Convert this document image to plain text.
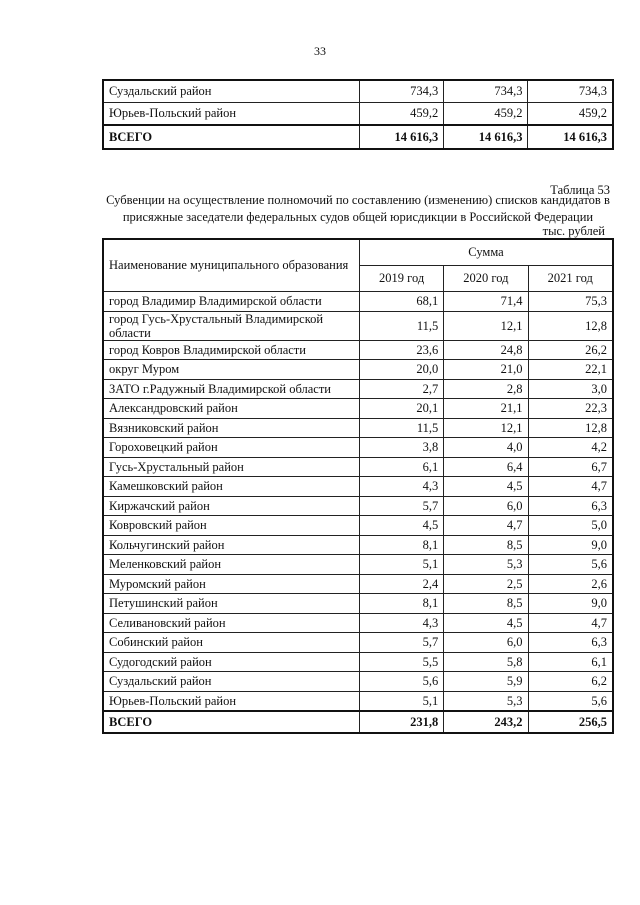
33
Суздальский район	734,3	734,3	734,3
Юрьев-Польский район	459,2	459,2	459,2
ВСЕГО	14 616,3	14 616,3	14 616,3
Таблица 53
Субвенции на осуществление полномочий по составлению (изменению) списков кандидатов в присяжные заседатели федеральных судов общей юрисдикции в Российской Федерации
тыс. рублей
Наименование муниципального образования	Сумма		
	2019 год	2020 год	2021 год
город Владимир Владимирской области	68,1	71,4	75,3
город Гусь-Хрустальный Владимирской области	11,5	12,1	12,8
город Ковров Владимирской области	23,6	24,8	26,2
округ Муром	20,0	21,0	22,1
ЗАТО г.Радужный Владимирской области	2,7	2,8	3,0
Александровский район	20,1	21,1	22,3
Вязниковский район	11,5	12,1	12,8
Гороховецкий район	3,8	4,0	4,2
Гусь-Хрустальный район	6,1	6,4	6,7
Камешковский район	4,3	4,5	4,7
Киржачский район	5,7	6,0	6,3
Ковровский район	4,5	4,7	5,0
Кольчугинский район	8,1	8,5	9,0
Меленковский район	5,1	5,3	5,6
Муромский район	2,4	2,5	2,6
Петушинский район	8,1	8,5	9,0
Селивановский район	4,3	4,5	4,7
Собинский район	5,7	6,0	6,3
Судогодский район	5,5	5,8	6,1
Суздальский район	5,6	5,9	6,2
Юрьев-Польский район	5,1	5,3	5,6
ВСЕГО	231,8	243,2	256,5
